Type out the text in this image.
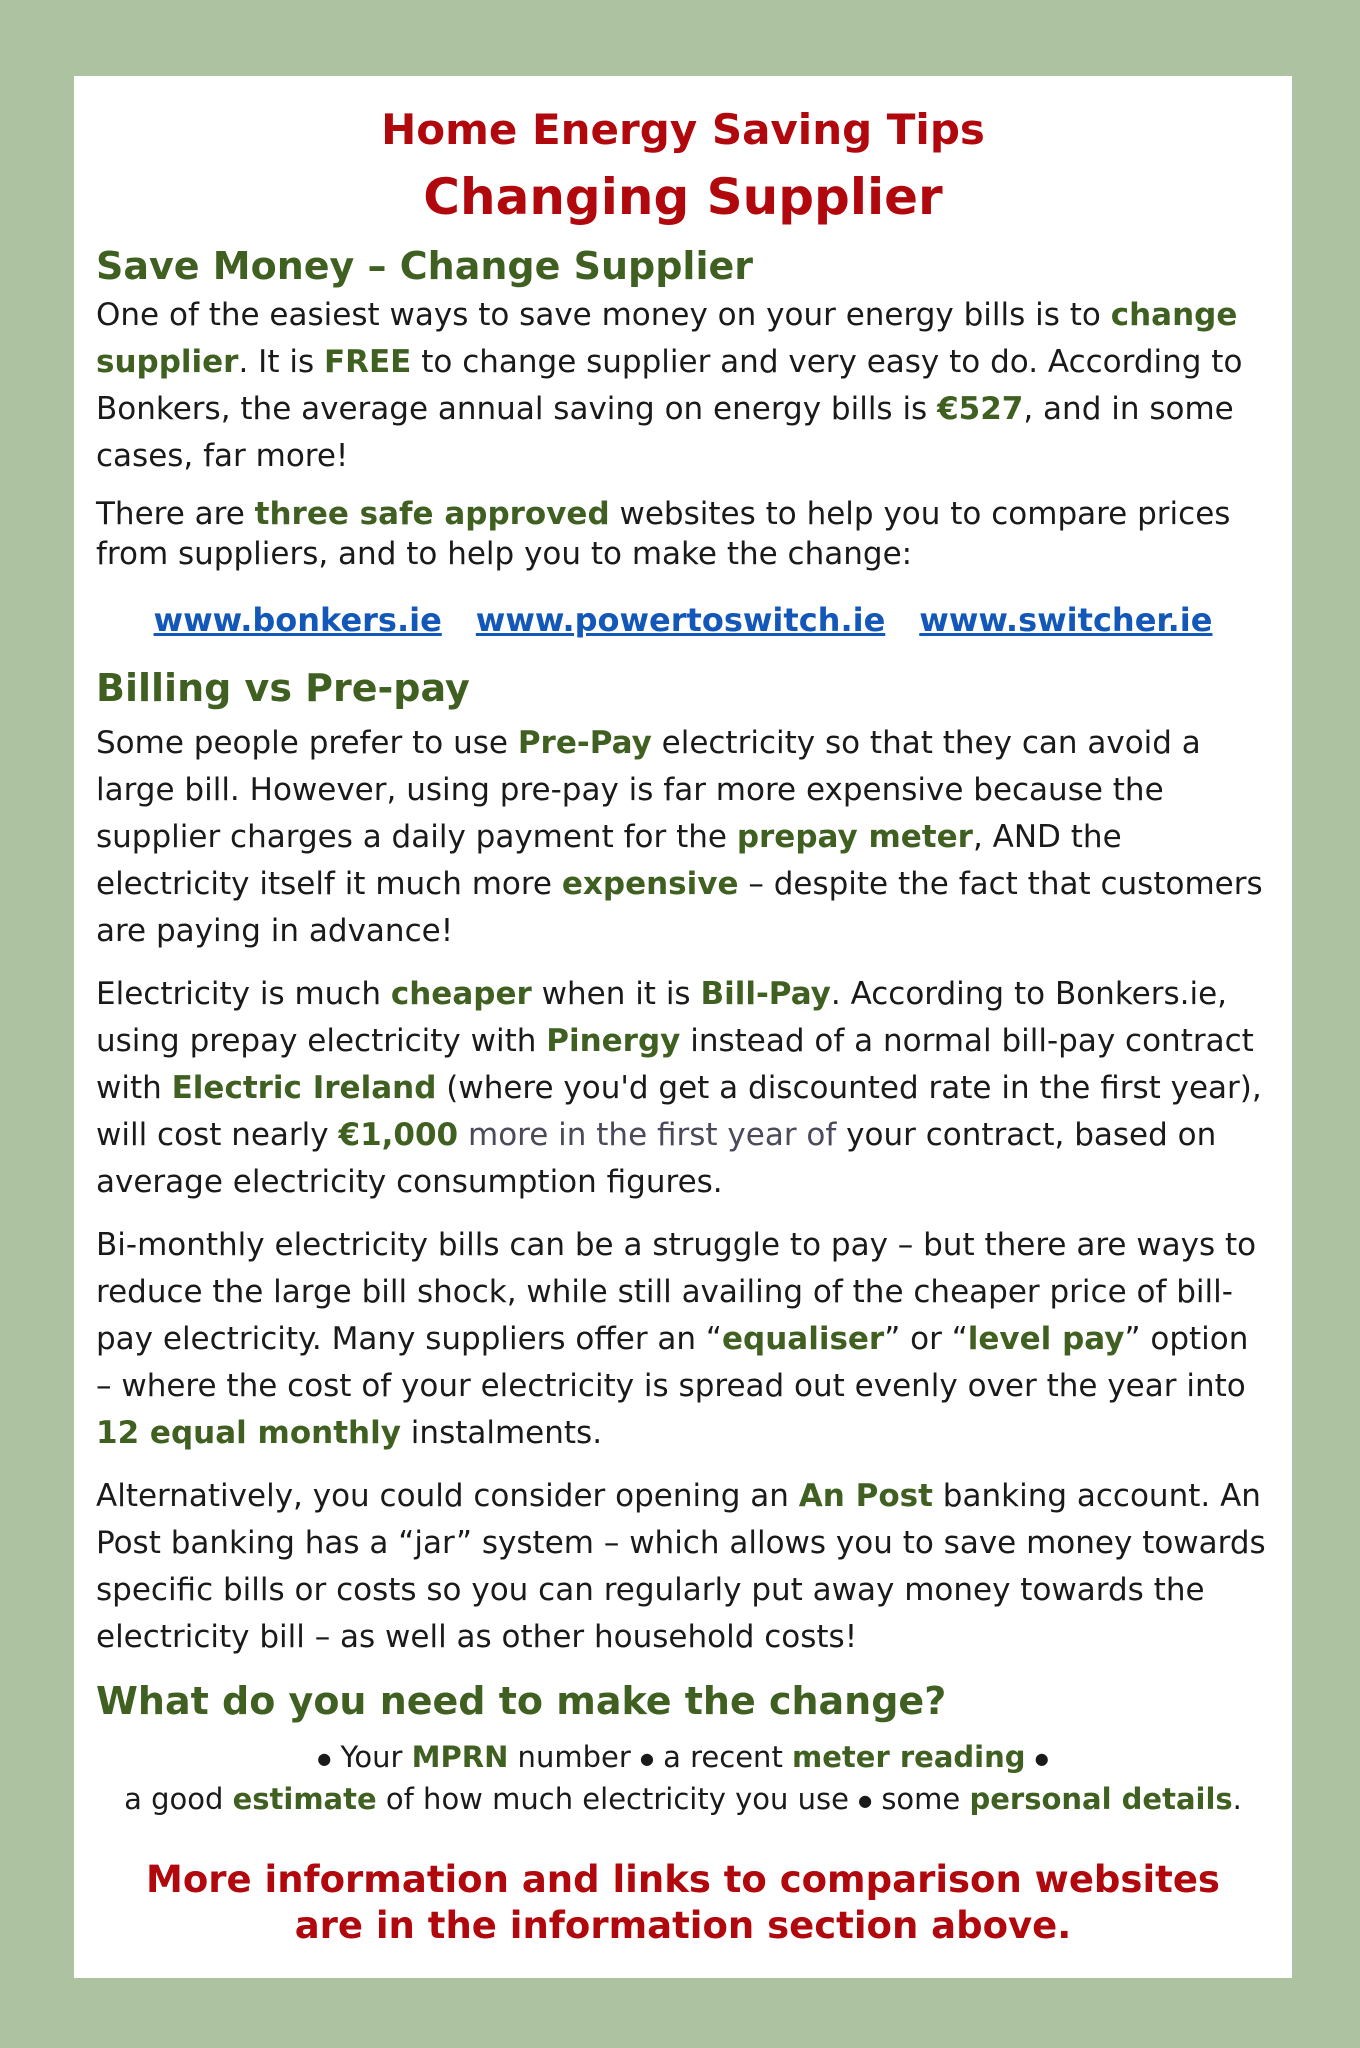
Home Energy Saving Tips
Changing Supplier
Save Money – Change Supplier

One of the easiest ways to save money on your energy bills is to change supplier. It is FREE to change supplier and very easy to do. According to Bonkers, the average annual saving on energy bills is €527, and in some cases, far more!

There are three safe approved websites to help you to compare prices from suppliers, and to help you to make the change:

www.bonkers.ie www.powertoswitch.ie www.switcher.ie
Billing vs Pre-pay

Some people prefer to use Pre-Pay electricity so that they can avoid a large bill. However, using pre-pay is far more expensive because the supplier charges a daily payment for the prepay meter, AND the electricity itself it much more expensive – despite the fact that customers are paying in advance!

Electricity is much cheaper when it is Bill-Pay. According to Bonkers.ie, using prepay electricity with Pinergy instead of a normal bill-pay contract with Electric Ireland (where you'd get a discounted rate in the first year), will cost nearly €1,000 more in the first year of your contract, based on average electricity consumption figures.

Bi-monthly electricity bills can be a struggle to pay – but there are ways to reduce the large bill shock, while still availing of the cheaper price of bill-pay electricity. Many suppliers offer an “equaliser” or “level pay” option – where the cost of your electricity is spread out evenly over the year into 12 equal monthly instalments.

Alternatively, you could consider opening an An Post banking account. An Post banking has a “jar” system – which allows you to save money towards specific bills or costs so you can regularly put away money towards the electricity bill – as well as other household costs!

What do you need to make the change?
● Your MPRN number ● a recent meter reading ●
a good estimate of how much electricity you use ● some personal details.
More information and links to comparison websites
are in the information section above.
